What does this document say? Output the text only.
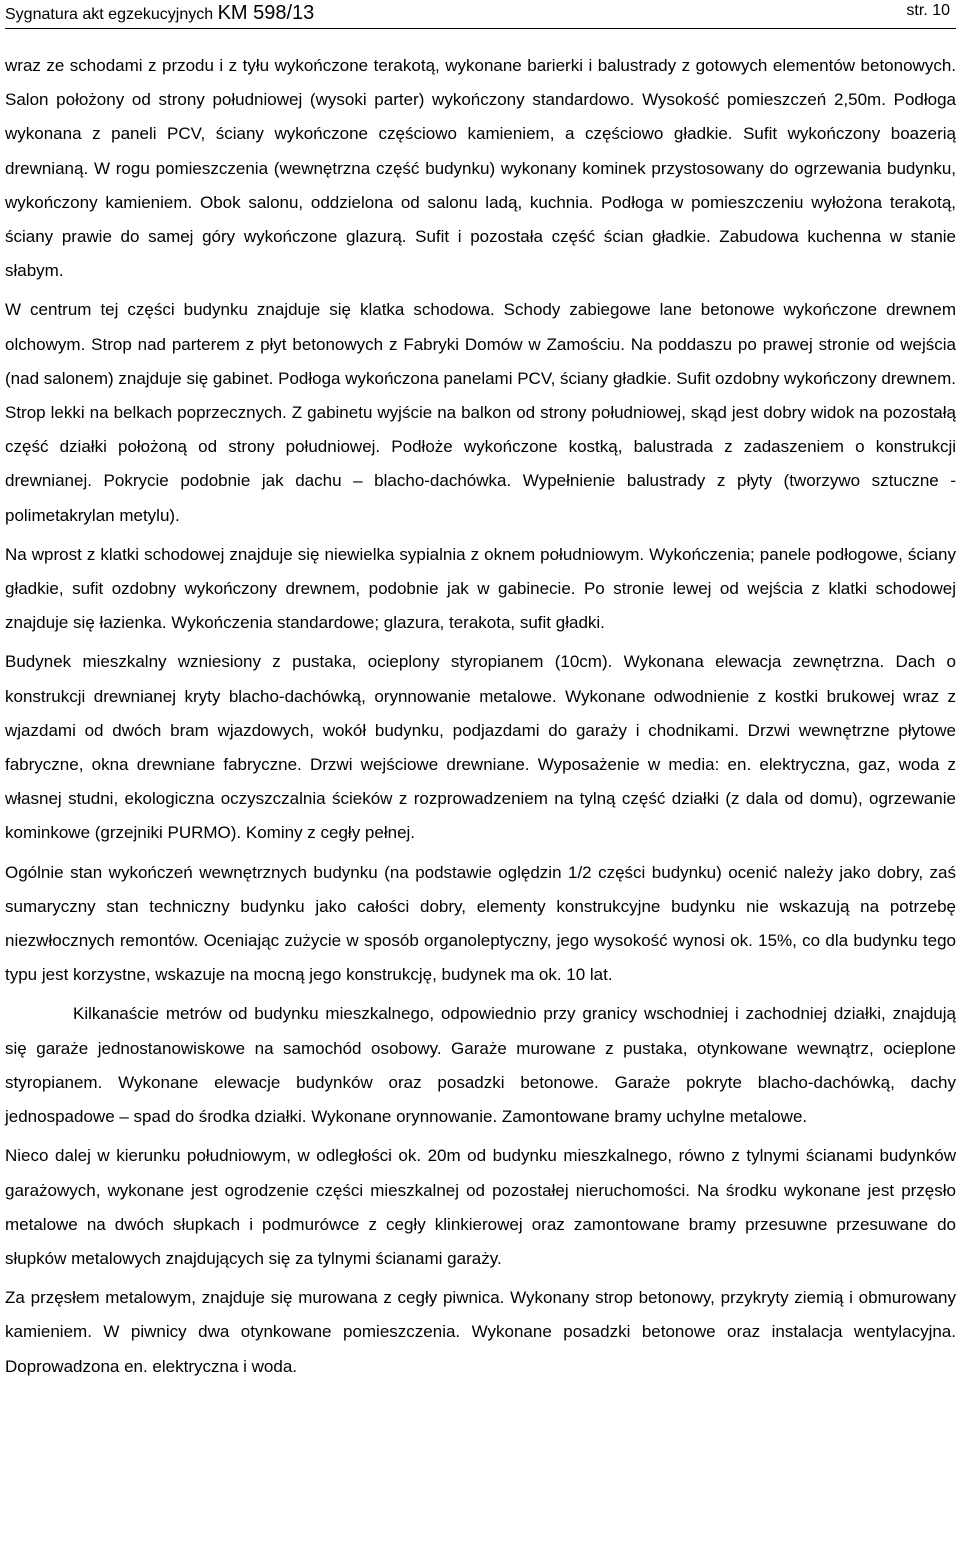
Sygnatura akt egzekucyjnych KM 598/13	str. 10

wraz ze schodami z przodu i z tyłu wykończone terakotą, wykonane barierki i balustrady z gotowych elementów betonowych. Salon położony od strony południowej (wysoki parter) wykończony standardowo. Wysokość pomieszczeń 2,50m. Podłoga wykonana z paneli PCV, ściany wykończone częściowo kamieniem, a częściowo gładkie. Sufit wykończony boazerią drewnianą. W rogu pomieszczenia (wewnętrzna część budynku) wykonany kominek przystosowany do ogrzewania budynku, wykończony kamieniem. Obok salonu, oddzielona od salonu ladą, kuchnia. Podłoga w pomieszczeniu wyłożona terakotą, ściany prawie do samej góry wykończone glazurą. Sufit i pozostała część ścian gładkie. Zabudowa kuchenna w stanie słabym.

W centrum tej części budynku znajduje się klatka schodowa. Schody zabiegowe lane betonowe wykończone drewnem olchowym. Strop nad parterem z płyt betonowych z Fabryki Domów w Zamościu. Na poddaszu po prawej stronie od wejścia (nad salonem) znajduje się gabinet. Podłoga wykończona panelami PCV, ściany gładkie. Sufit ozdobny wykończony drewnem. Strop lekki na belkach poprzecznych. Z gabinetu wyjście na balkon od strony południowej, skąd jest dobry widok na pozostałą część działki położoną od strony południowej. Podłoże wykończone kostką, balustrada z zadaszeniem o konstrukcji drewnianej. Pokrycie podobnie jak dachu – blacho-dachówka. Wypełnienie balustrady z płyty (tworzywo sztuczne - polimetakrylan metylu).

Na wprost z klatki schodowej znajduje się niewielka sypialnia z oknem południowym. Wykończenia; panele podłogowe, ściany gładkie, sufit ozdobny wykończony drewnem, podobnie jak w gabinecie. Po stronie lewej od wejścia z klatki schodowej znajduje się łazienka. Wykończenia standardowe; glazura, terakota, sufit gładki.

Budynek mieszkalny wzniesiony z pustaka, ocieplony styropianem (10cm). Wykonana elewacja zewnętrzna. Dach o konstrukcji drewnianej kryty blacho-dachówką, orynnowanie metalowe. Wykonane odwodnienie z kostki brukowej wraz z wjazdami od dwóch bram wjazdowych, wokół budynku, podjazdami do garaży i chodnikami. Drzwi wewnętrzne płytowe fabryczne, okna drewniane fabryczne. Drzwi wejściowe drewniane. Wyposażenie w media: en. elektryczna, gaz, woda z własnej studni, ekologiczna oczyszczalnia ścieków z rozprowadzeniem na tylną część działki (z dala od domu), ogrzewanie kominkowe (grzejniki PURMO). Kominy z cegły pełnej.

Ogólnie stan wykończeń wewnętrznych budynku (na podstawie oględzin 1/2 części budynku) ocenić należy jako dobry, zaś sumaryczny stan techniczny budynku jako całości dobry, elementy konstrukcyjne budynku nie wskazują na potrzebę niezwłocznych remontów. Oceniając zużycie w sposób organoleptyczny, jego wysokość wynosi ok. 15%, co dla budynku tego typu jest korzystne, wskazuje na mocną jego konstrukcję, budynek ma ok. 10 lat.

Kilkanaście metrów od budynku mieszkalnego, odpowiednio przy granicy wschodniej i zachodniej działki, znajdują się garaże jednostanowiskowe na samochód osobowy. Garaże murowane z pustaka, otynkowane wewnątrz, ocieplone styropianem. Wykonane elewacje budynków oraz posadzki betonowe. Garaże pokryte blacho-dachówką, dachy jednospadowe – spad do środka działki. Wykonane orynnowanie. Zamontowane bramy uchylne metalowe.

Nieco dalej w kierunku południowym, w odległości ok. 20m od budynku mieszkalnego, równo z tylnymi ścianami budynków garażowych, wykonane jest ogrodzenie części mieszkalnej od pozostałej nieruchomości. Na środku wykonane jest przęsło metalowe na dwóch słupkach i podmurówce z cegły klinkierowej oraz zamontowane bramy przesuwne przesuwane do słupków metalowych znajdujących się za tylnymi ścianami garaży.

Za przęsłem metalowym, znajduje się murowana z cegły piwnica. Wykonany strop betonowy, przykryty ziemią i obmurowany kamieniem. W piwnicy dwa otynkowane pomieszczenia. Wykonane posadzki betonowe oraz instalacja wentylacyjna. Doprowadzona en. elektryczna i woda.
